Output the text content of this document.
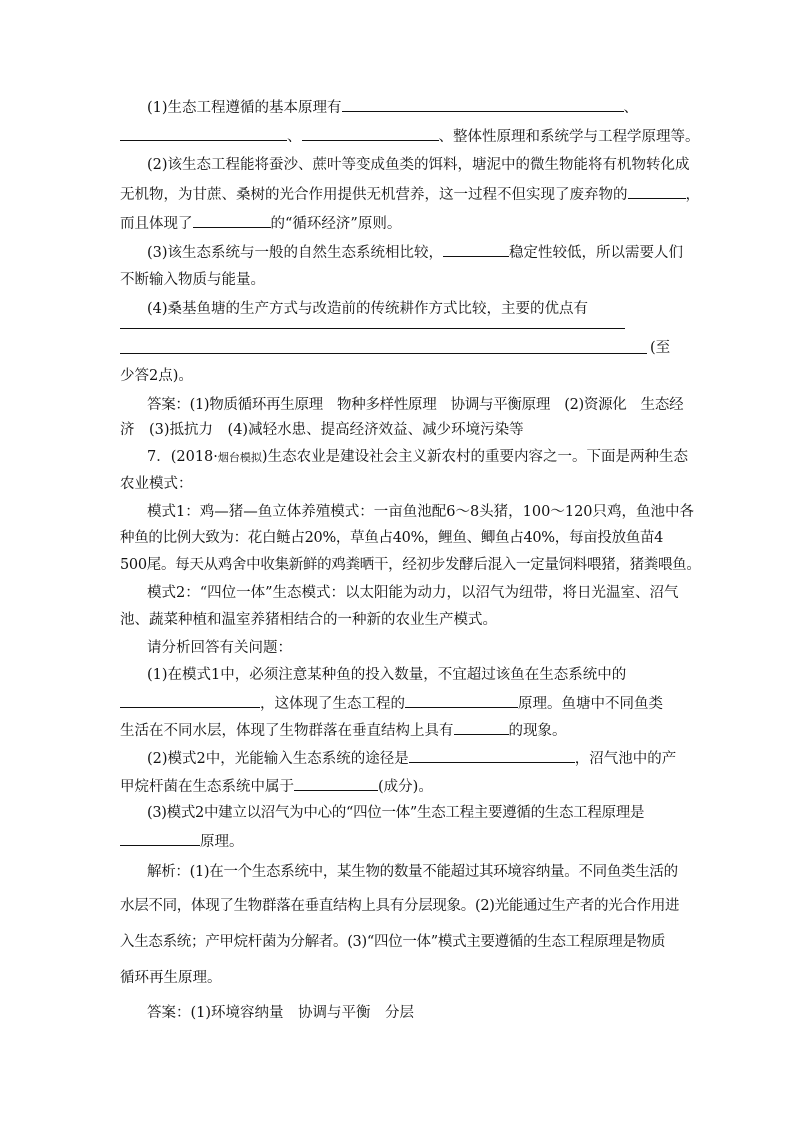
(1)生态工程遵循的基本原理有	、
、	、整体性原理和系统学与工程学原理等。
(2)该生态工程能将蚕沙、蔗叶等变成鱼类的饵料，塘泥中的微生物能将有机物转化成
无机物，为甘蔗、桑树的光合作用提供无机营养，这一过程不但实现了废弃物的	，
而且体现了	的“循环经济”原则。
(3)该生态系统与一般的自然生态系统相比较，	稳定性较低，所以需要人们
不断输入物质与能量。
(4)桑基鱼塘的生产方式与改造前的传统耕作方式比较，主要的优点有
(至
少答2点)。
答案：(1)物质循环再生原理　物种多样性原理　协调与平衡原理　(2)资源化　生态经
济　(3)抵抗力　(4)减轻水患、提高经济效益、减少环境污染等
7．(2018·烟台模拟)生态农业是建设社会主义新农村的重要内容之一。下面是两种生态
农业模式：
模式1：鸡—猪—鱼立体养殖模式：一亩鱼池配6～8头猪，100～120只鸡，鱼池中各
种鱼的比例大致为：花白鲢占20%，草鱼占40%，鲤鱼、鲫鱼占40%，每亩投放鱼苗4
500尾。每天从鸡舍中收集新鲜的鸡粪晒干，经初步发酵后混入一定量饲料喂猪，猪粪喂鱼。
模式2：“四位一体”生态模式：以太阳能为动力，以沼气为纽带，将日光温室、沼气
池、蔬菜种植和温室养猪相结合的一种新的农业生产模式。
请分析回答有关问题：
(1)在模式1中，必须注意某种鱼的投入数量，不宜超过该鱼在生态系统中的
，这体现了生态工程的	原理。鱼塘中不同鱼类
生活在不同水层，体现了生物群落在垂直结构上具有	的现象。
(2)模式2中，光能输入生态系统的途径是	，沼气池中的产
甲烷杆菌在生态系统中属于	(成分)。
(3)模式2中建立以沼气为中心的“四位一体”生态工程主要遵循的生态工程原理是
原理。
解析：(1)在一个生态系统中，某生物的数量不能超过其环境容纳量。不同鱼类生活的
水层不同，体现了生物群落在垂直结构上具有分层现象。(2)光能通过生产者的光合作用进
入生态系统；产甲烷杆菌为分解者。(3)“四位一体”模式主要遵循的生态工程原理是物质
循环再生原理。
答案：(1)环境容纳量　协调与平衡　分层
